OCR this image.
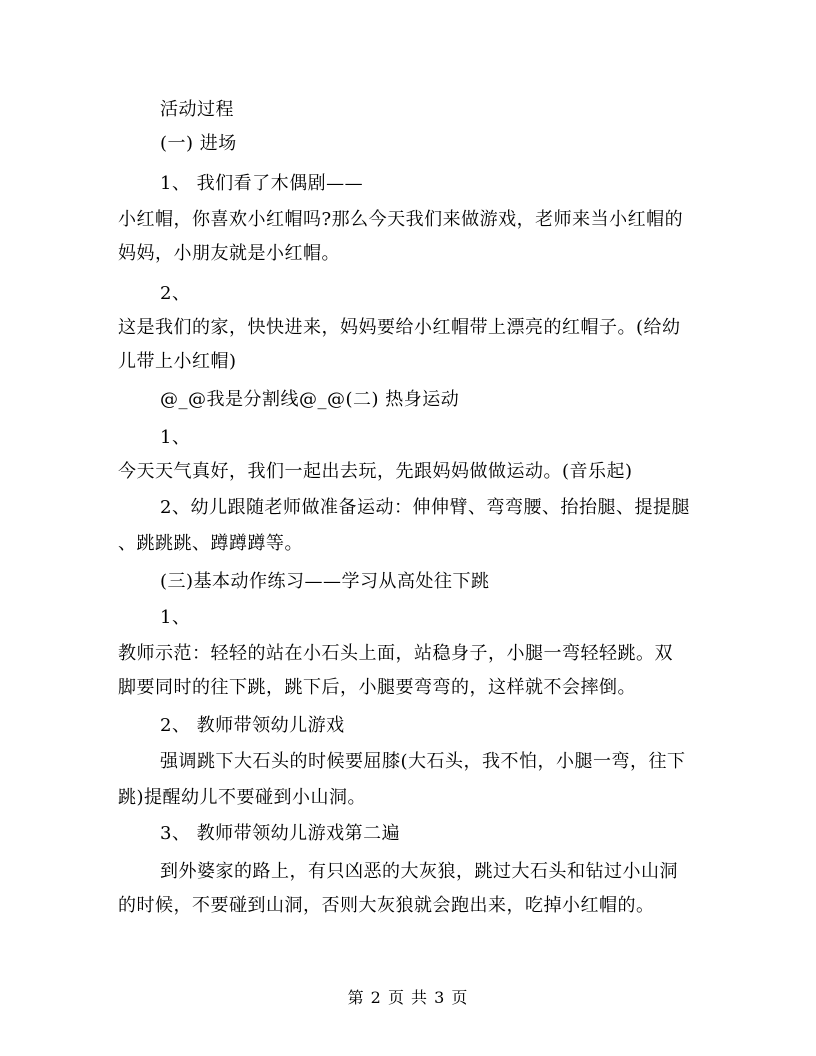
活动过程
(一) 进场
1、 我们看了木偶剧——
小红帽，你喜欢小红帽吗?那么今天我们来做游戏，老师来当小红帽的
妈妈，小朋友就是小红帽。
2、
这是我们的家，快快进来，妈妈要给小红帽带上漂亮的红帽子。(给幼
儿带上小红帽)
@_@我是分割线@_@(二) 热身运动
1、
今天天气真好，我们一起出去玩，先跟妈妈做做运动。(音乐起)
2、幼儿跟随老师做准备运动：伸伸臂、弯弯腰、抬抬腿、提提腿
、跳跳跳、蹲蹲蹲等。
(三)基本动作练习——学习从高处往下跳
1、
教师示范：轻轻的站在小石头上面，站稳身子，小腿一弯轻轻跳。双
脚要同时的往下跳，跳下后，小腿要弯弯的，这样就不会摔倒。
2、 教师带领幼儿游戏
强调跳下大石头的时候要屈膝(大石头，我不怕，小腿一弯，往下
跳)提醒幼儿不要碰到小山洞。
3、 教师带领幼儿游戏第二遍
到外婆家的路上，有只凶恶的大灰狼，跳过大石头和钻过小山洞
的时候，不要碰到山洞，否则大灰狼就会跑出来，吃掉小红帽的。
第 2 页 共 3 页
